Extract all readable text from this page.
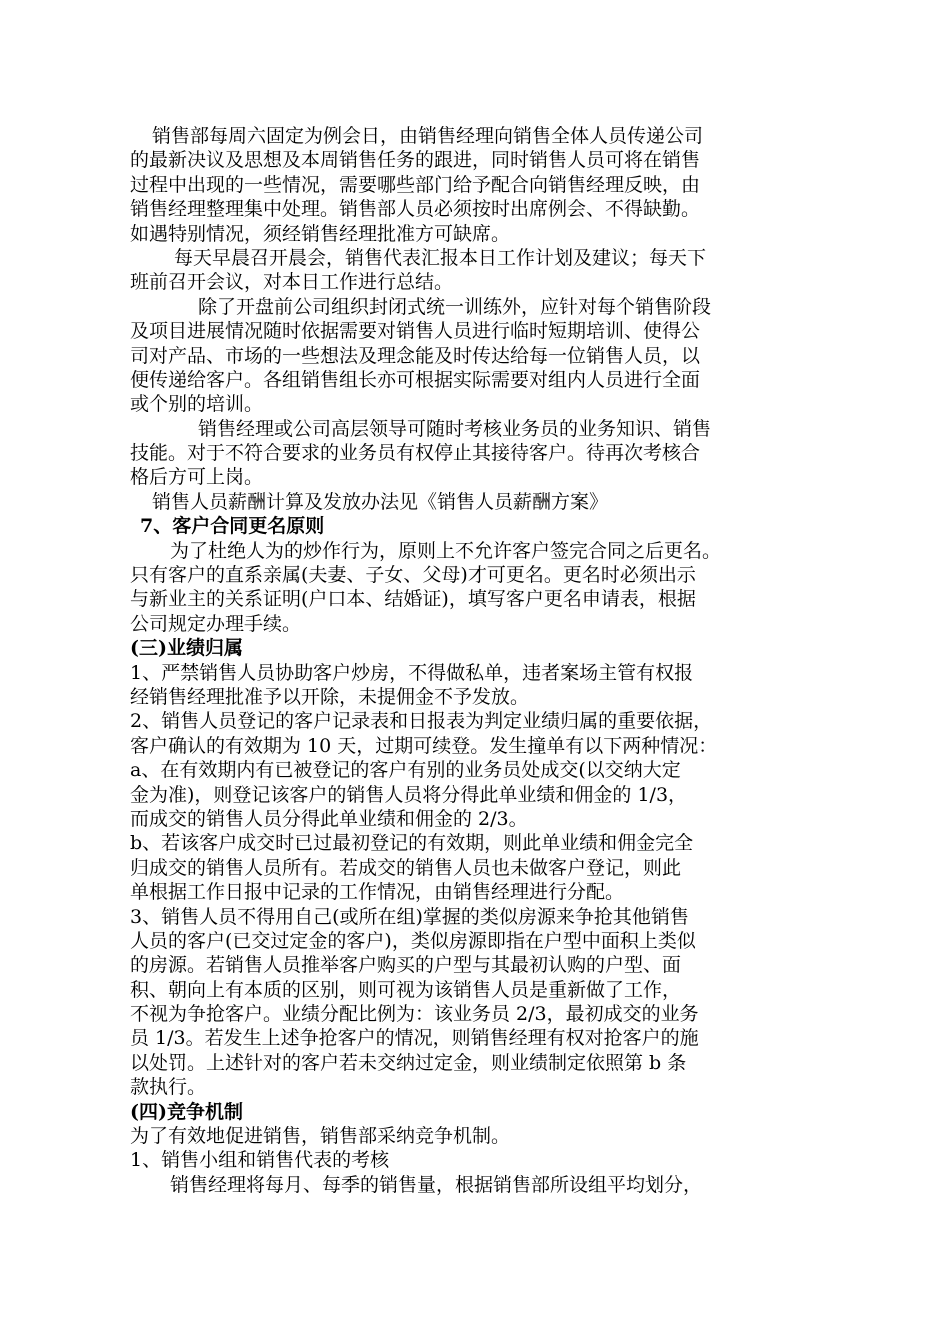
销售部每周六固定为例会日，由销售经理向销售全体人员传递公司
的最新决议及思想及本周销售任务的跟进，同时销售人员可将在销售
过程中出现的一些情况，需要哪些部门给予配合向销售经理反映，由
销售经理整理集中处理。销售部人员必须按时出席例会、不得缺勤。
如遇特别情况，须经销售经理批准方可缺席。
每天早晨召开晨会，销售代表汇报本日工作计划及建议；每天下
班前召开会议，对本日工作进行总结。
除了开盘前公司组织封闭式统一训练外，应针对每个销售阶段
及项目进展情况随时依据需要对销售人员进行临时短期培训、使得公
司对产品、市场的一些想法及理念能及时传达给每一位销售人员，以
便传递给客户。各组销售组长亦可根据实际需要对组内人员进行全面
或个别的培训。
销售经理或公司高层领导可随时考核业务员的业务知识、销售
技能。对于不符合要求的业务员有权停止其接待客户。待再次考核合
格后方可上岗。
销售人员薪酬计算及发放办法见《销售人员薪酬方案》
7、客户合同更名原则
为了杜绝人为的炒作行为，原则上不允许客户签完合同之后更名。
只有客户的直系亲属(夫妻、子女、父母)才可更名。更名时必须出示
与新业主的关系证明(户口本、结婚证)，填写客户更名申请表，根据
公司规定办理手续。
(三)业绩归属
1、严禁销售人员协助客户炒房，不得做私单，违者案场主管有权报
经销售经理批准予以开除，未提佣金不予发放。
2、销售人员登记的客户记录表和日报表为判定业绩归属的重要依据，
客户确认的有效期为 10 天，过期可续登。发生撞单有以下两种情况：
a、在有效期内有已被登记的客户有别的业务员处成交(以交纳大定
金为准)，则登记该客户的销售人员将分得此单业绩和佣金的 1/3，
而成交的销售人员分得此单业绩和佣金的 2/3。
b、若该客户成交时已过最初登记的有效期，则此单业绩和佣金完全
归成交的销售人员所有。若成交的销售人员也未做客户登记，则此
单根据工作日报中记录的工作情况，由销售经理进行分配。
3、销售人员不得用自己(或所在组)掌握的类似房源来争抢其他销售
人员的客户(已交过定金的客户)，类似房源即指在户型中面积上类似
的房源。若销售人员推举客户购买的户型与其最初认购的户型、面
积、朝向上有本质的区别，则可视为该销售人员是重新做了工作，
不视为争抢客户。业绩分配比例为：该业务员 2/3，最初成交的业务
员 1/3。若发生上述争抢客户的情况，则销售经理有权对抢客户的施
以处罚。上述针对的客户若未交纳过定金，则业绩制定依照第 b 条
款执行。
(四)竞争机制
为了有效地促进销售，销售部采纳竞争机制。
1、销售小组和销售代表的考核
销售经理将每月、每季的销售量，根据销售部所设组平均划分，
